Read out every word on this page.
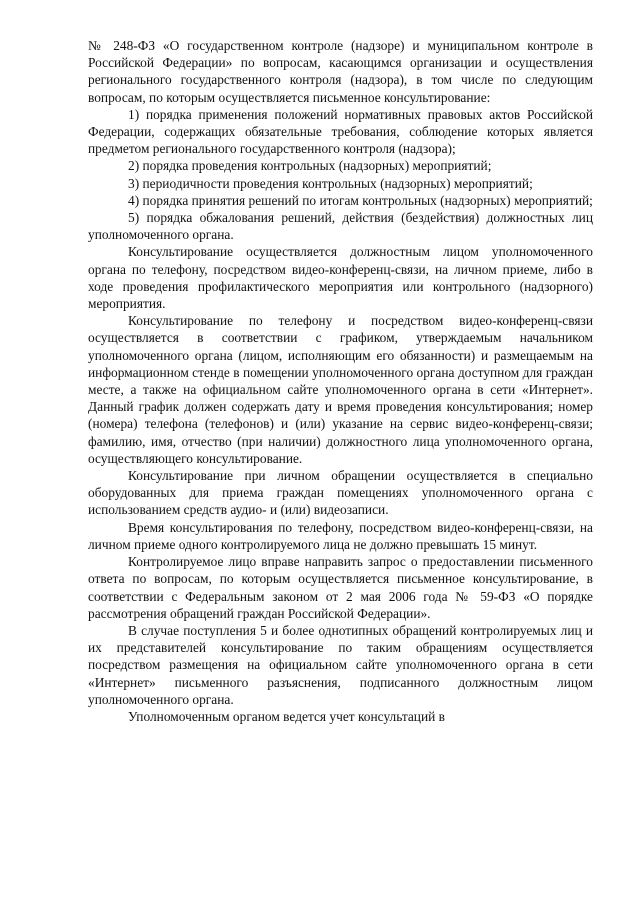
№ 248-ФЗ «О государственном контроле (надзоре) и муниципальном контроле в Российской Федерации» по вопросам, касающимся организации и осуществления регионального государственного контроля (надзора), в том числе по следующим вопросам, по которым осуществляется письменное консультирование:

1) порядка применения положений нормативных правовых актов Российской Федерации, содержащих обязательные требования, соблюдение которых является предметом регионального государственного контроля (надзора);

2) порядка проведения контрольных (надзорных) мероприятий;

3) периодичности проведения контрольных (надзорных) мероприятий;

4) порядка принятия решений по итогам контрольных (надзорных) мероприятий;

5) порядка обжалования решений, действия (бездействия) должностных лиц уполномоченного органа.

Консультирование осуществляется должностным лицом уполномоченного органа по телефону, посредством видео-конференц-связи, на личном приеме, либо в ходе проведения профилактического мероприятия или контрольного (надзорного) мероприятия.

Консультирование по телефону и посредством видео-конференц-связи осуществляется в соответствии с графиком, утверждаемым начальником уполномоченного органа (лицом, исполняющим его обязанности) и размещаемым на информационном стенде в помещении уполномоченного органа доступном для граждан месте, а также на официальном сайте уполномоченного органа в сети «Интернет». Данный график должен содержать дату и время проведения консультирования; номер (номера) телефона (телефонов) и (или) указание на сервис видео-конференц-связи; фамилию, имя, отчество (при наличии) должностного лица уполномоченного органа, осуществляющего консультирование.

Консультирование при личном обращении осуществляется в специально оборудованных для приема граждан помещениях уполномоченного органа с использованием средств аудио- и (или) видеозаписи.

Время консультирования по телефону, посредством видео-конференц-связи, на личном приеме одного контролируемого лица не должно превышать 15 минут.

Контролируемое лицо вправе направить запрос о предоставлении письменного ответа по вопросам, по которым осуществляется письменное консультирование, в соответствии с Федеральным законом от 2 мая 2006 года № 59-ФЗ «О порядке рассмотрения обращений граждан Российской Федерации».

В случае поступления 5 и более однотипных обращений контролируемых лиц и их представителей консультирование по таким обращениям осуществляется посредством размещения на официальном сайте уполномоченного органа в сети «Интернет» письменного разъяснения, подписанного должностным лицом уполномоченного органа.

Уполномоченным органом ведется учет консультаций в
